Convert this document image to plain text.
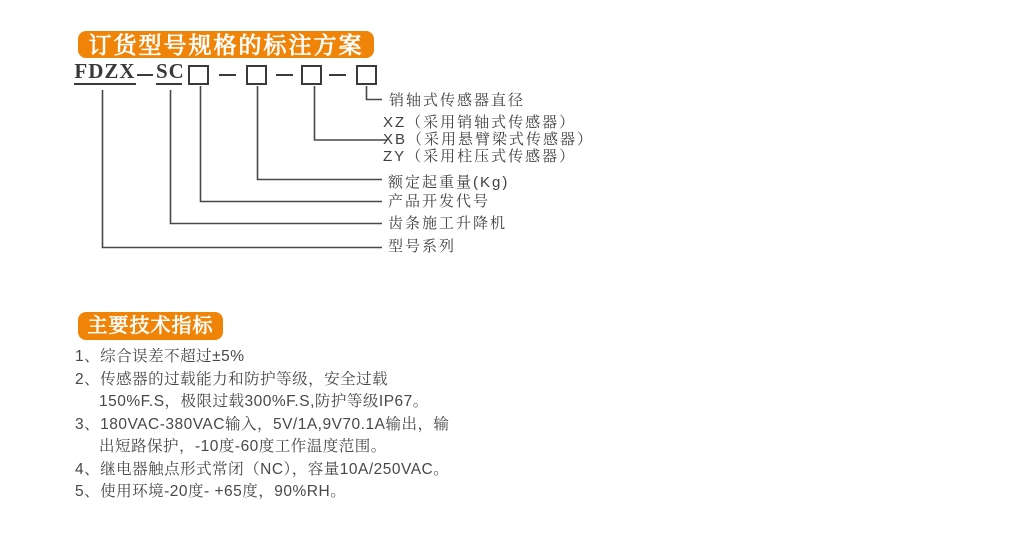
订货型号规格的标注方案
FDZX SC
销轴式传感器直径
XZ（采用销轴式传感器）
XB（采用悬臂梁式传感器）
ZY（采用柱压式传感器）
额定起重量(Kg)
产品开发代号
齿条施工升降机
型号系列
主要技术指标
1、综合误差不超过±5%
2、传感器的过载能力和防护等级，安全过载
150%F.S，极限过载300%F.S,防护等级IP67。
3、180VAC-380VAC输入，5V/1A,9V70.1A输出，输
出短路保护，-10度-60度工作温度范围。
4、继电器触点形式常闭（NC），容量10A/250VAC。
5、使用环境-20度- +65度，90%RH。
